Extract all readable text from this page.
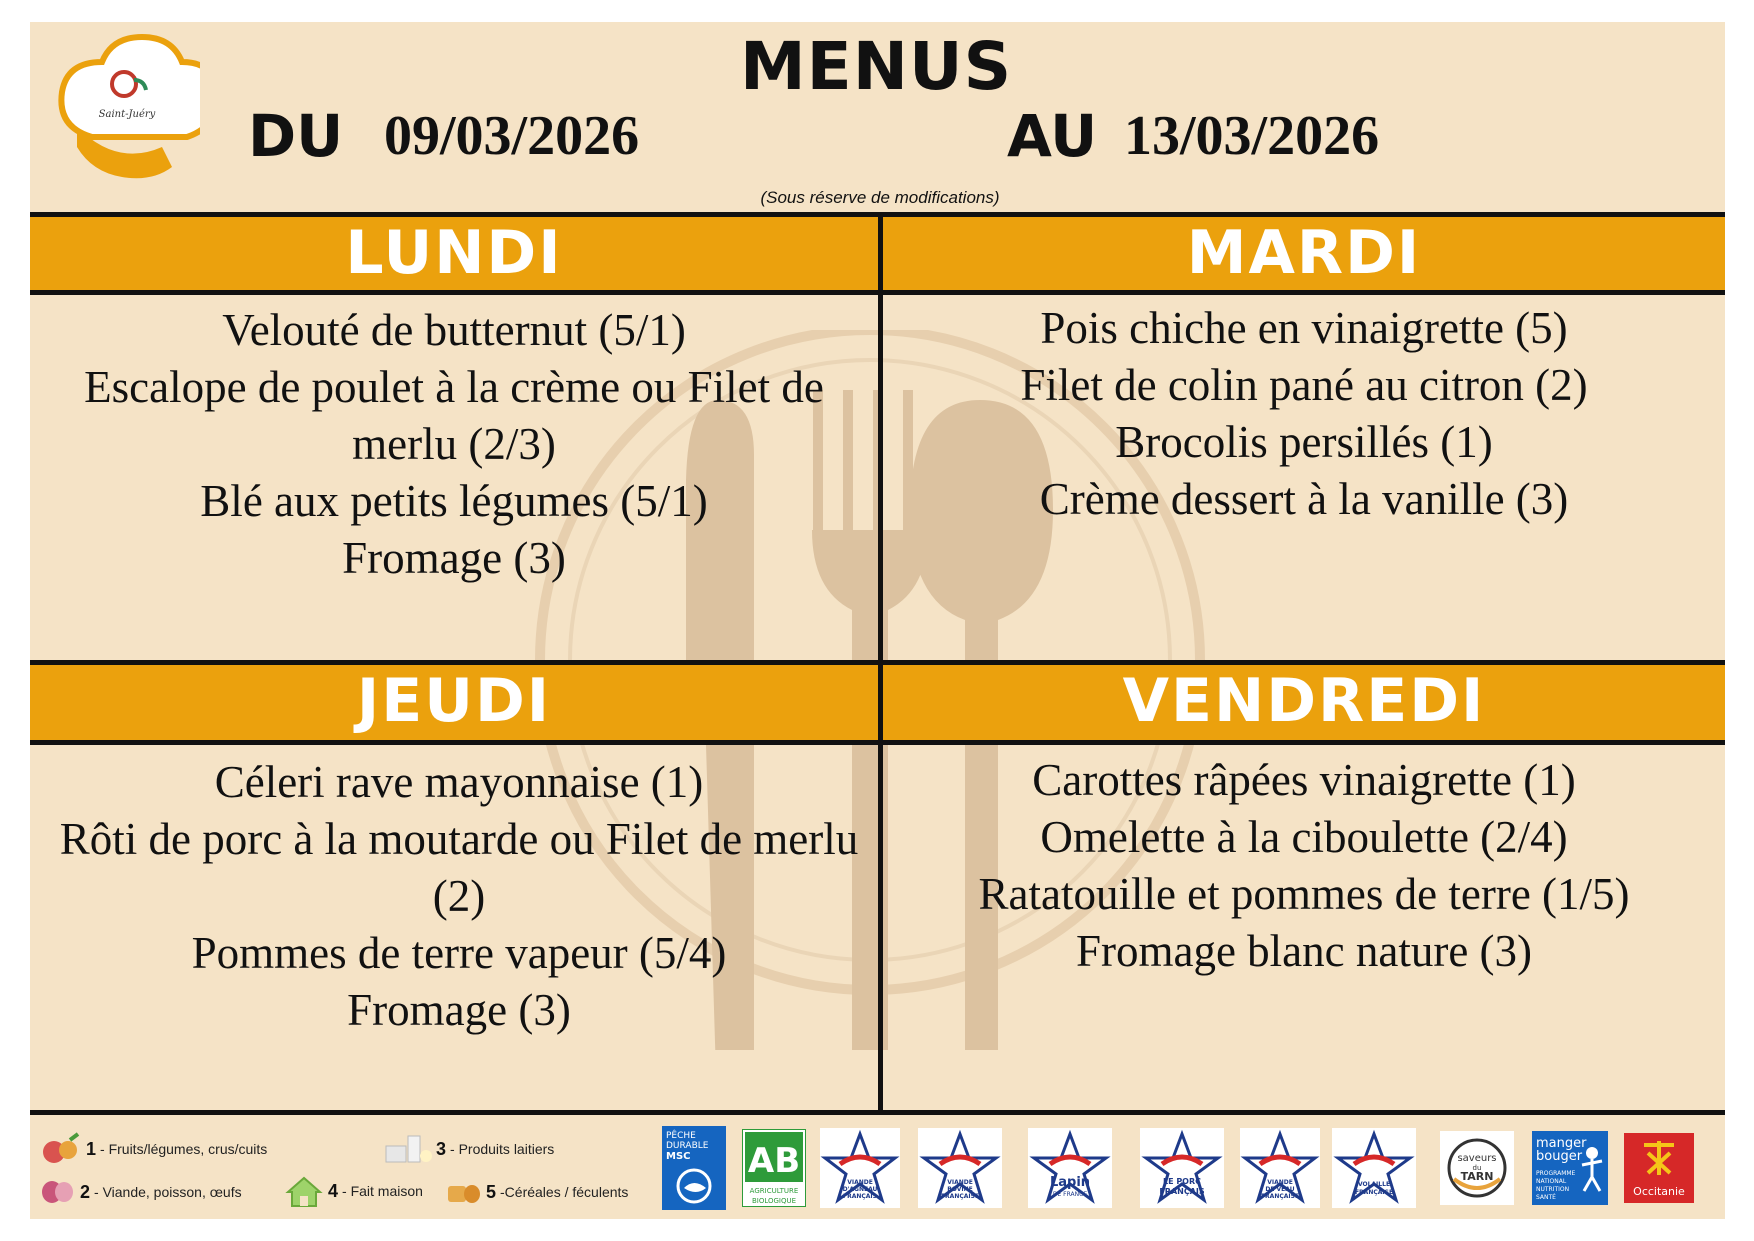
Saint-Juéry
MENUS
DU 09/03/2026	AU 13/03/2026
(Sous réserve de modifications)
LUNDI	MARDI
JEUDI	VENDREDI
Velouté de butternut (5/1)
Escalope de poulet à la crème ou Filet de merlu (2/3)
Blé aux petits légumes (5/1)
Fromage (3)
Pois chiche en vinaigrette (5)
Filet de colin pané au citron (2)
Brocolis persillés (1)
Crème dessert à la vanille (3)
Céleri rave mayonnaise (1)
Rôti de porc à la moutarde ou Filet de merlu (2)
Pommes de terre vapeur (5/4)
Fromage (3)
Carottes râpées vinaigrette (1)
Omelette à la ciboulette (2/4)
Ratatouille et pommes de terre (1/5)
Fromage blanc nature (3)
1 - Fruits/légumes, crus/cuits
2 - Viande, poisson, œufs
3 - Produits laitiers
4 - Fait maison	5 -Céréales / féculents
PÊCHE
DURABLE
MSC AB
AGRICULTURE
BIOLOGIQUE
VIANDE
D'AGNEAU
FRANÇAIS
VIANDE
BOVINE
FRANÇAISE
Lapin
DE FRANCE
LE PORC
FRANÇAIS
VIANDE
DE VEAU
FRANÇAISE
VOLAILLE
FRANÇAISE
saveurs
du
TARN
manger
bouger
PROGRAMME
NATIONAL
NUTRITION
SANTÉ	Occitanie
